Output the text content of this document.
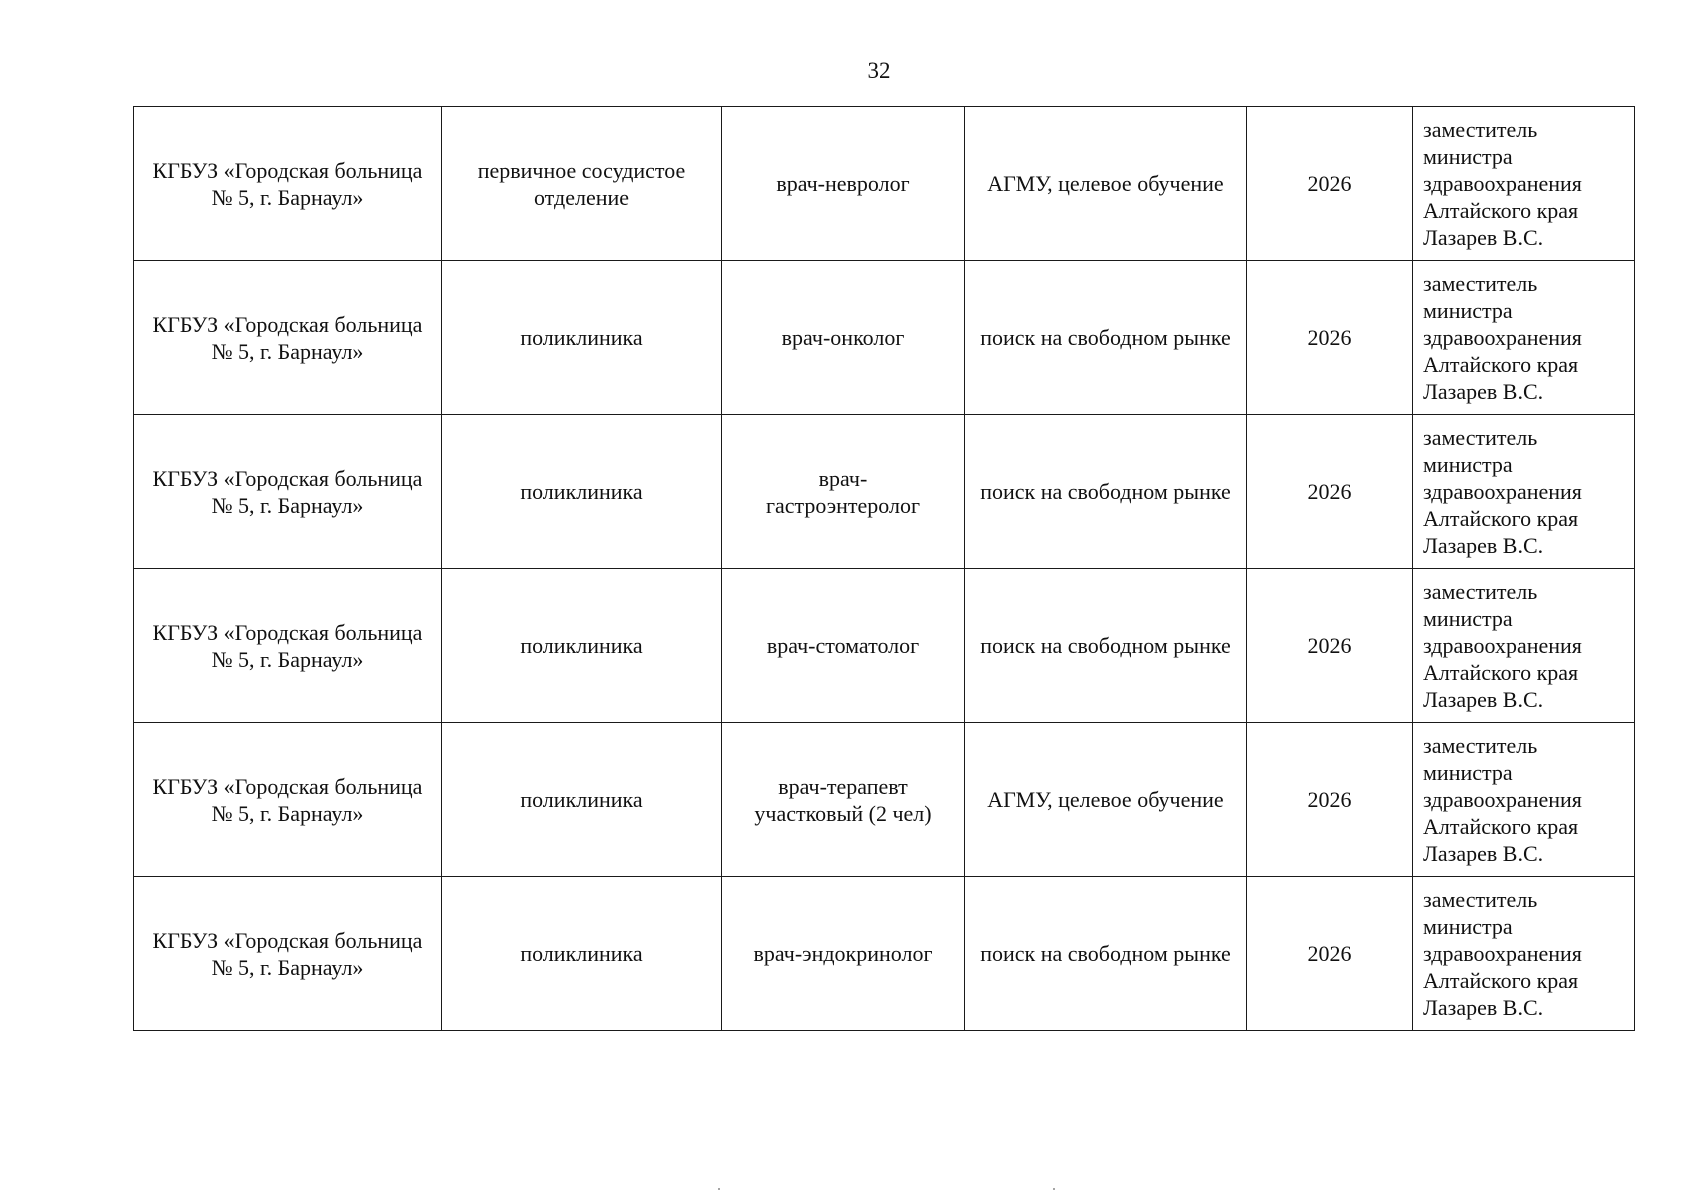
32
КГБУЗ «Городская больница № 5, г. Барнаул»	первичное сосудистое отделение	врач-невролог	АГМУ, целевое обучение	2026	заместитель
министра
здравоохранения
Алтайского края
Лазарев В.С.
КГБУЗ «Городская больница № 5, г. Барнаул»	поликлиника	врач-онколог	поиск на свободном рынке	2026	заместитель
министра
здравоохранения
Алтайского края
Лазарев В.С.
КГБУЗ «Городская больница № 5, г. Барнаул»	поликлиника	врач-
гастроэнтеролог	поиск на свободном рынке	2026	заместитель
министра
здравоохранения
Алтайского края
Лазарев В.С.
КГБУЗ «Городская больница № 5, г. Барнаул»	поликлиника	врач-стоматолог	поиск на свободном рынке	2026	заместитель
министра
здравоохранения
Алтайского края
Лазарев В.С.
КГБУЗ «Городская больница № 5, г. Барнаул»	поликлиника	врач-терапевт
участковый (2 чел)	АГМУ, целевое обучение	2026	заместитель
министра
здравоохранения
Алтайского края
Лазарев В.С.
КГБУЗ «Городская больница № 5, г. Барнаул»	поликлиника	врач-эндокринолог	поиск на свободном рынке	2026	заместитель
министра
здравоохранения
Алтайского края
Лазарев В.С.
